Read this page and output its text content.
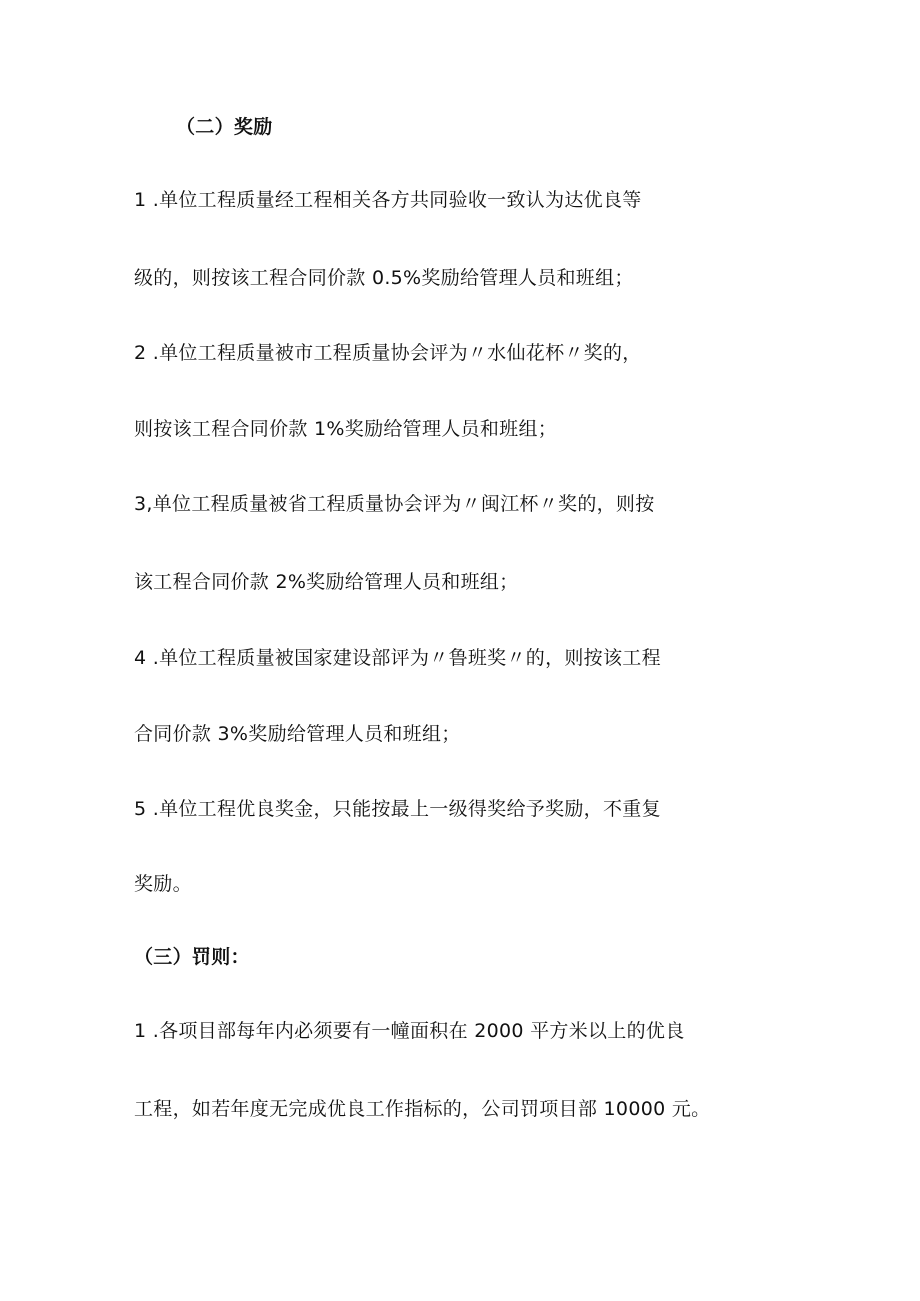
（二）奖励
1 .单位工程质量经工程相关各方共同验收一致认为达优良等
级的，则按该工程合同价款 0.5%奖励给管理人员和班组；
2 .单位工程质量被市工程质量协会评为〃水仙花杯〃奖的，
则按该工程合同价款 1%奖励给管理人员和班组；
3,单位工程质量被省工程质量协会评为〃闽江杯〃奖的，则按
该工程合同价款 2%奖励给管理人员和班组；
4 .单位工程质量被国家建设部评为〃鲁班奖〃的，则按该工程
合同价款 3%奖励给管理人员和班组；
5 .单位工程优良奖金，只能按最上一级得奖给予奖励，不重复
奖励。
（三）罚则：
1 .各项目部每年内必须要有一幢面积在 2000 平方米以上的优良
工程，如若年度无完成优良工作指标的，公司罚项目部 10000 元。
